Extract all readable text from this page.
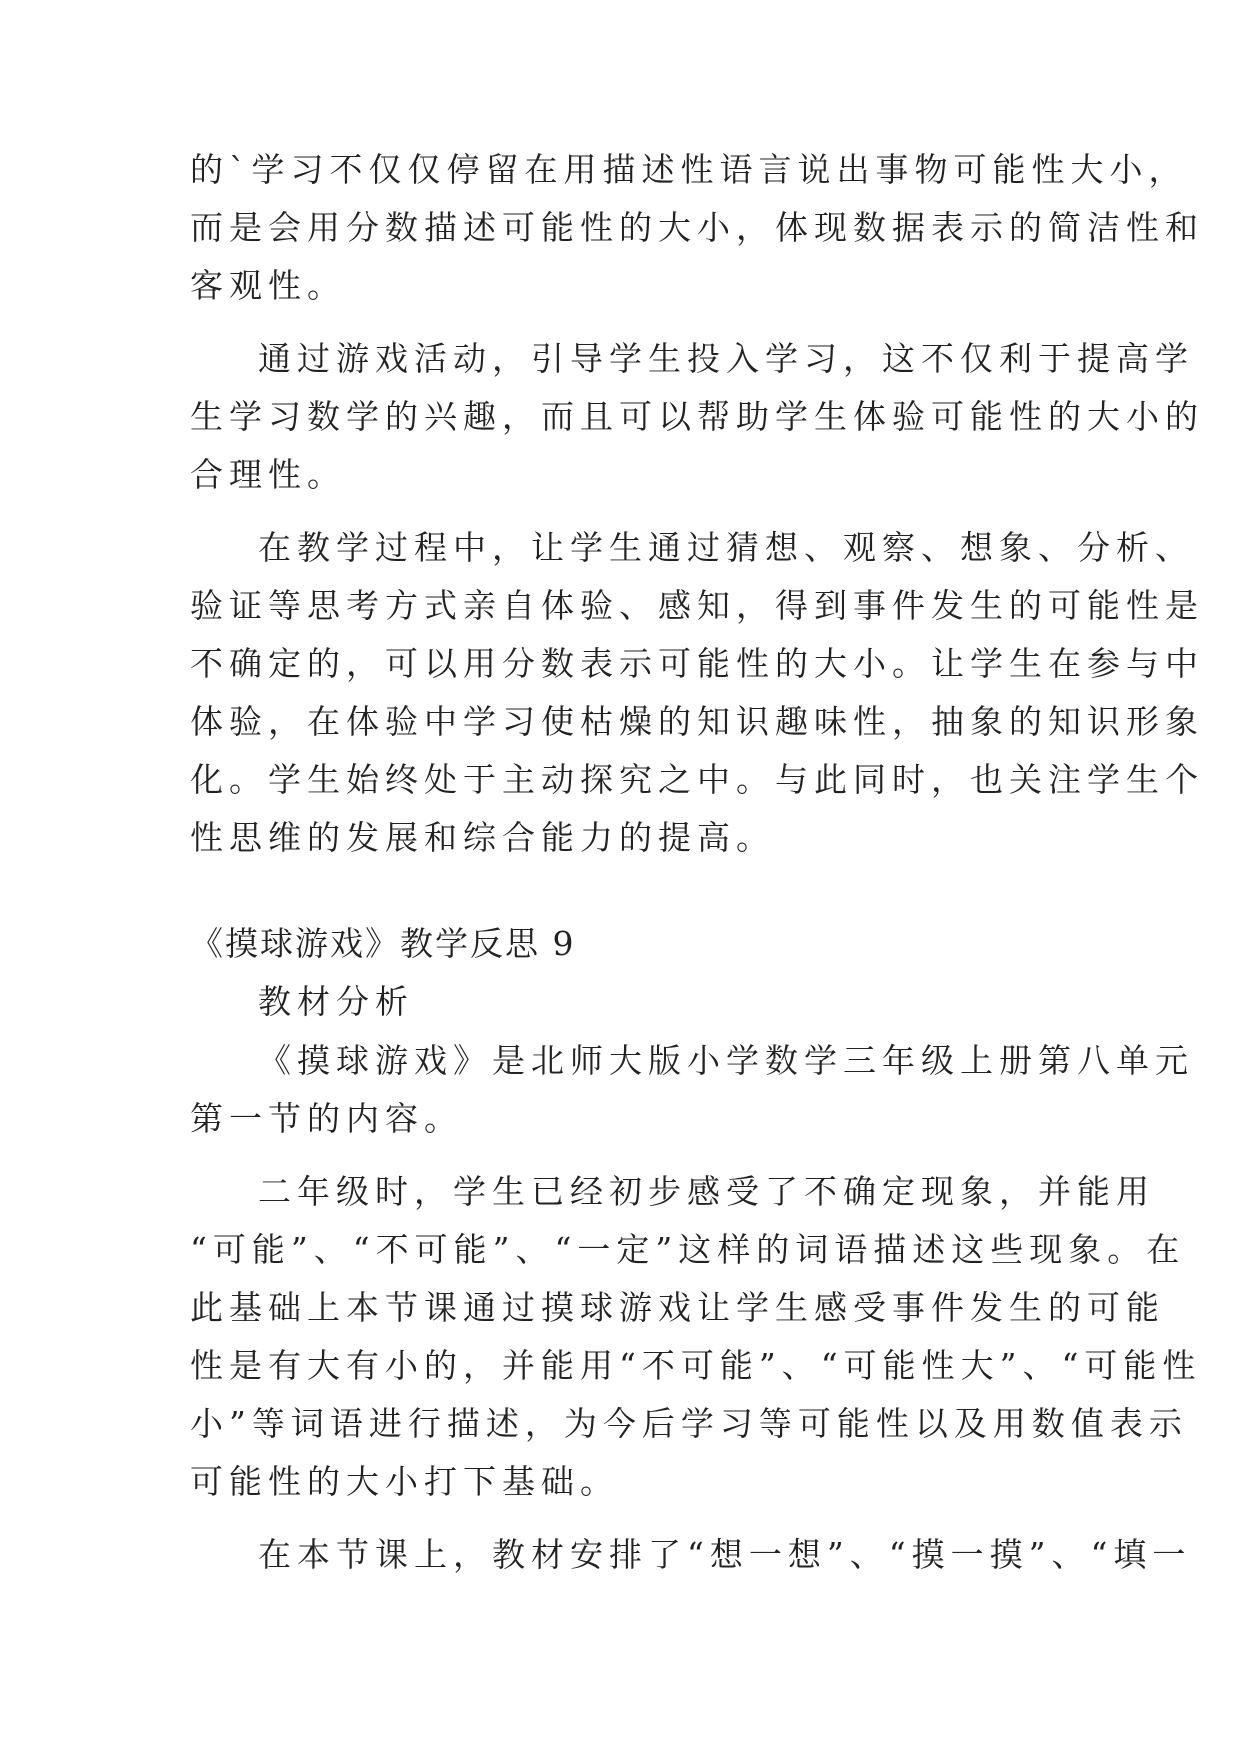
的`学习不仅仅停留在用描述性语言说出事物可能性大小，
而是会用分数描述可能性的大小，体现数据表示的简洁性和
客观性。
通过游戏活动，引导学生投入学习，这不仅利于提高学
生学习数学的兴趣，而且可以帮助学生体验可能性的大小的
合理性。
在教学过程中，让学生通过猜想、观察、想象、分析、
验证等思考方式亲自体验、感知，得到事件发生的可能性是
不确定的，可以用分数表示可能性的大小。让学生在参与中
体验，在体验中学习使枯燥的知识趣味性，抽象的知识形象
化。学生始终处于主动探究之中。与此同时，也关注学生个
性思维的发展和综合能力的提高。
《摸球游戏》教学反思 9
教材分析
《摸球游戏》是北师大版小学数学三年级上册第八单元
第一节的内容。
二年级时，学生已经初步感受了不确定现象，并能用
“可能”、“不可能”、“一定”这样的词语描述这些现象。在
此基础上本节课通过摸球游戏让学生感受事件发生的可能
性是有大有小的，并能用“不可能”、“可能性大”、“可能性
小”等词语进行描述，为今后学习等可能性以及用数值表示
可能性的大小打下基础。
在本节课上，教材安排了“想一想”、“摸一摸”、“填一
